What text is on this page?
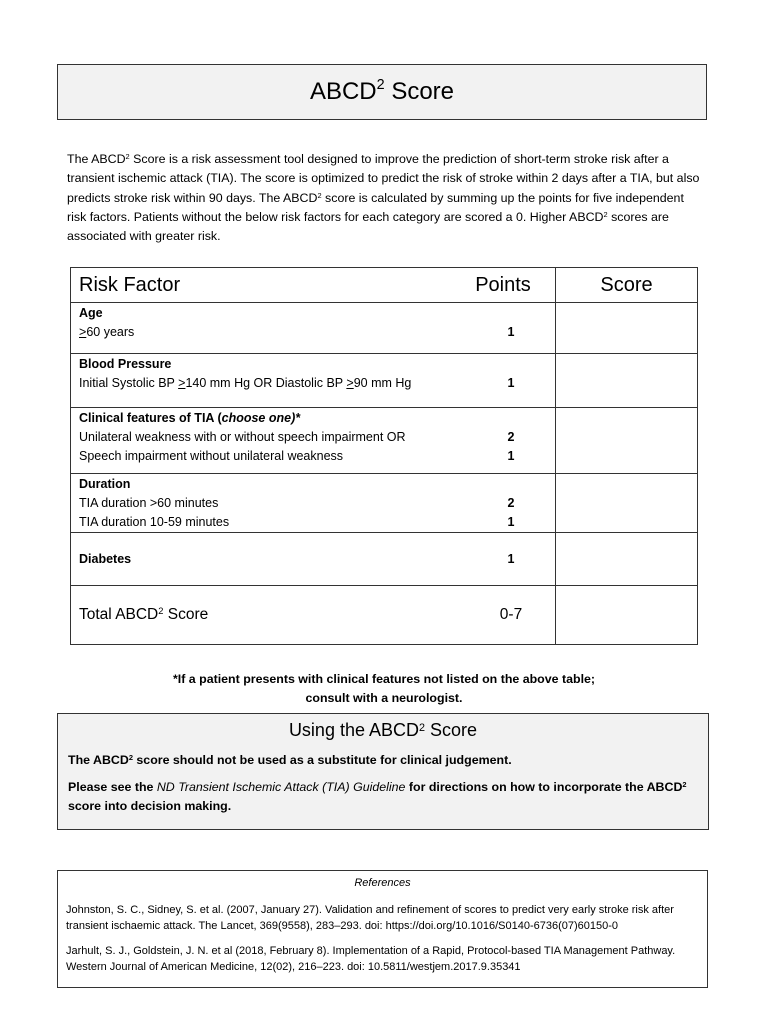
ABCD$^2$
Score
The ABCD$^2$ Score is a risk assessment tool designed to improve the prediction of short-term stroke risk after a transient ischemic attack (TIA). The score is optimized to predict the risk of stroke within 2 days after a TIA, but also predicts stroke risk within 90 days. The ABCD$^2$ score is calculated by summing up the points for five independent risk factors. Patients without the below risk factors for each category are scored a 0. Higher ABCD$^2$ scores are associated with greater risk.
Risk Factor Points	Score

Age
≥60 years 1	

Blood Pressure
Initial Systolic BP ≥140 mm Hg OR Diastolic BP ≥90 mm Hg 1	

Clinical features of TIA (choose one)*
Unilateral weakness with or without speech impairment OR 2
Speech impairment without unilateral weakness 1	

Duration
TIA duration >60 minutes 2
TIA duration 10-59 minutes 1	

Diabetes 1	

Total ABCD$^2$ Score 0-7	

*If a patient presents with clinical features not listed on the above table;
consult with a neurologist.
Using the ABCD$^2$ Score
The ABCD$^2$ score should not be used as a substitute for clinical judgement.
Please see the ND Transient Ischemic Attack (TIA) Guideline for directions on how to incorporate the ABCD$^2$ score into decision making.
References
Johnston, S. C., Sidney, S. et al. (2007, January 27). Validation and refinement of scores to predict very early stroke risk after transient ischaemic attack. The Lancet, 369(9558), 283–293. doi: https://doi.org/10.1016/S0140-6736(07)60150-0
Jarhult, S. J., Goldstein, J. N. et al (2018, February 8). Implementation of a Rapid, Protocol-based TIA Management Pathway. Western Journal of American Medicine, 12(02), 216–223. doi: 10.5811/westjem.2017.9.35341
